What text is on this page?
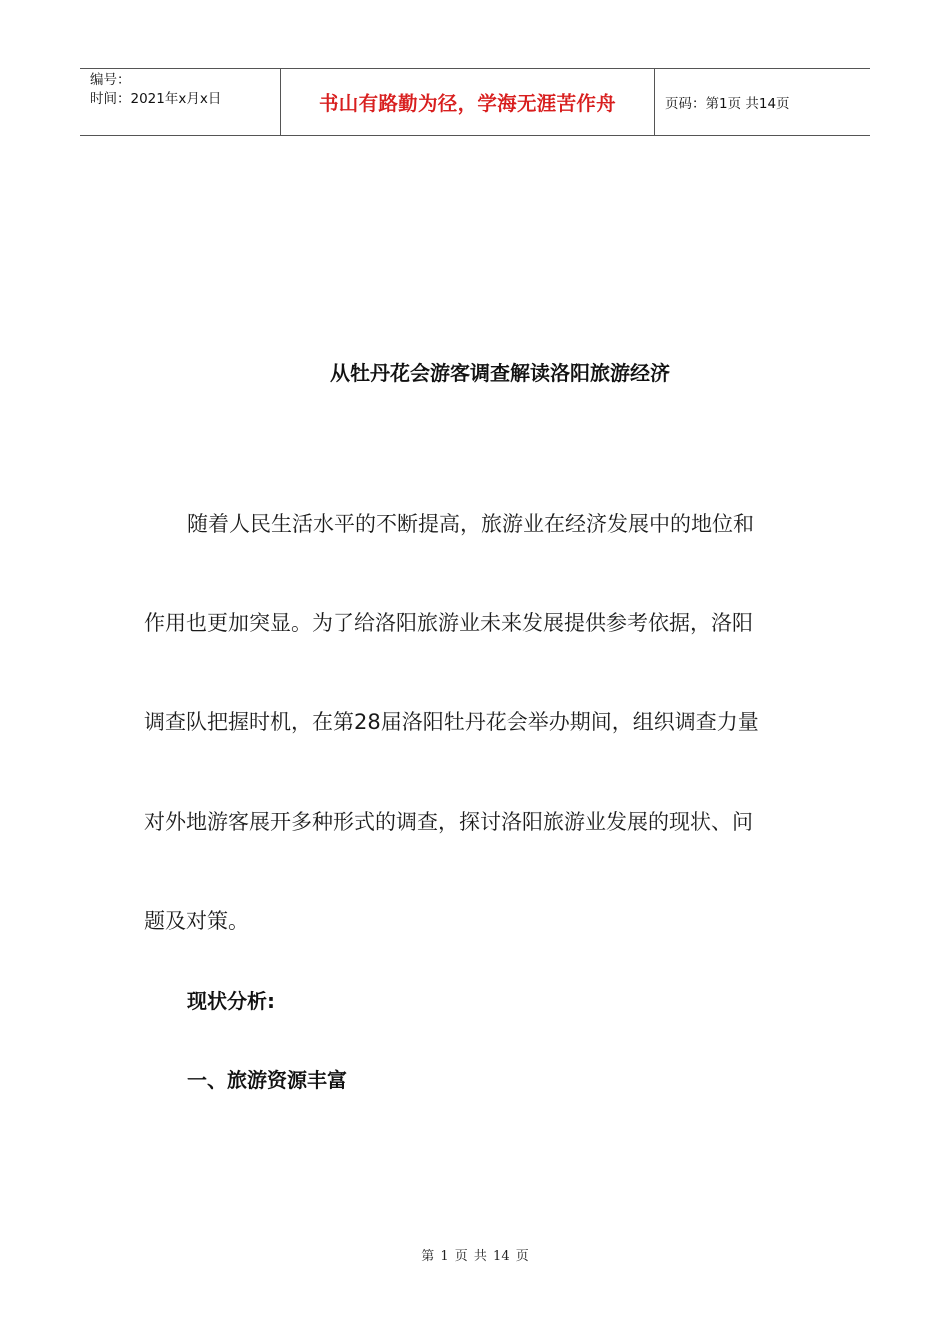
编号：
时间：2021年x月x日	书山有路勤为径，学海无涯苦作舟	页码：第1页 共14页
从牡丹花会游客调查解读洛阳旅游经济
随着人民生活水平的不断提高，旅游业在经济发展中的地位和
作用也更加突显。为了给洛阳旅游业未来发展提供参考依据，洛阳
调查队把握时机，在第28届洛阳牡丹花会举办期间，组织调查力量
对外地游客展开多种形式的调查，探讨洛阳旅游业发展的现状、问
题及对策。
现状分析:
一、旅游资源丰富
第 1 页 共 14 页
